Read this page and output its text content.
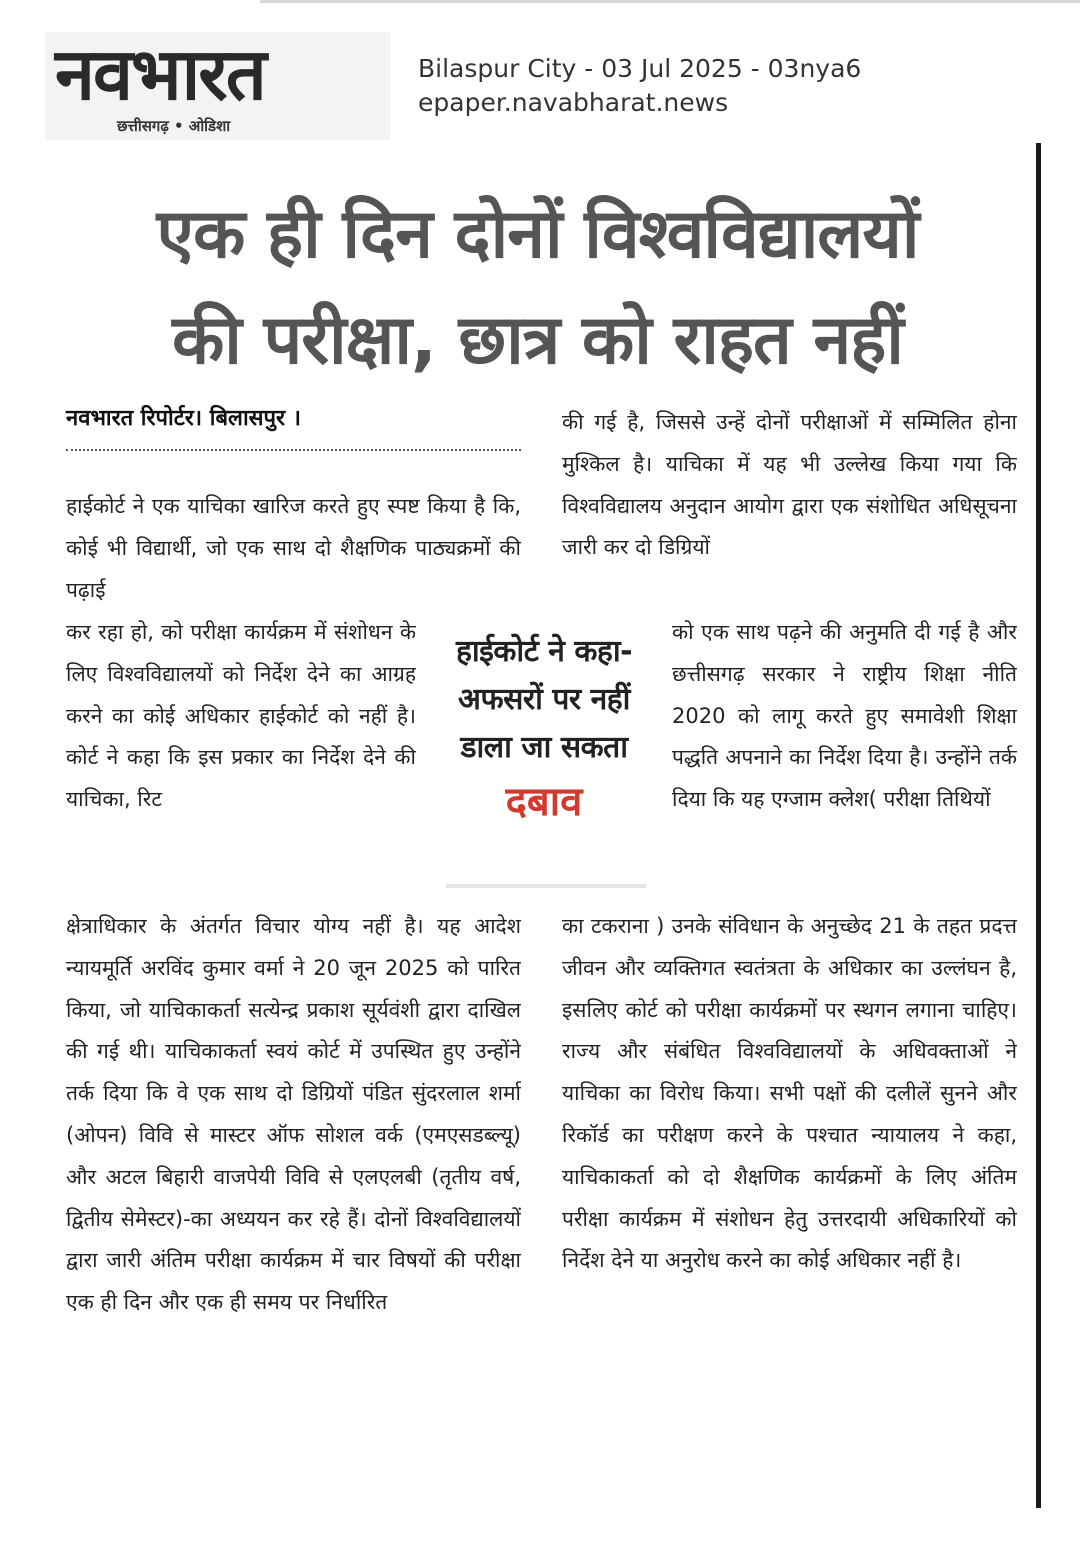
नवभारत
छत्तीसगढ़ • ओडिशा
Bilaspur City - 03 Jul 2025 - 03nya6
epaper.navabharat.news
एक ही दिन दोनों विश्वविद्यालयों
की परीक्षा, छात्र को राहत नहीं
नवभारत रिपोर्टर। बिलासपुर ।
हाईकोर्ट ने एक याचिका खारिज करते हुए स्पष्ट किया है कि, कोई भी विद्यार्थी, जो एक साथ दो शैक्षणिक पाठ्यक्रमों की पढ़ाई
कर रहा हो, को परीक्षा कार्यक्रम में संशोधन के लिए विश्वविद्यालयों को निर्देश देने का आग्रह करने का कोई अधिकार हाईकोर्ट को नहीं है। कोर्ट ने कहा कि इस प्रकार का निर्देश देने की याचिका, रिट
क्षेत्राधिकार के अंतर्गत विचार योग्य नहीं है। यह आदेश न्यायमूर्ति अरविंद कुमार वर्मा ने 20 जून 2025 को पारित किया, जो याचिकाकर्ता सत्येन्द्र प्रकाश सूर्यवंशी द्वारा दाखिल की गई थी। याचिकाकर्ता स्वयं कोर्ट में उपस्थित हुए उन्होंने तर्क दिया कि वे एक साथ दो डिग्रियों पंडित सुंदरलाल शर्मा (ओपन) विवि से मास्टर ऑफ सोशल वर्क (एमएसडब्ल्यू) और अटल बिहारी वाजपेयी विवि से एलएलबी (तृतीय वर्ष, द्वितीय सेमेस्टर)-का अध्ययन कर रहे हैं। दोनों विश्वविद्यालयों द्वारा जारी अंतिम परीक्षा कार्यक्रम में चार विषयों की परीक्षा एक ही दिन और एक ही समय पर निर्धारित
की गई है, जिससे उन्हें दोनों परीक्षाओं में सम्मिलित होना मुश्किल है। याचिका में यह भी उल्लेख किया गया कि विश्वविद्यालय अनुदान आयोग द्वारा एक संशोधित अधिसूचना जारी कर दो डिग्रियों
को एक साथ पढ़ने की अनुमति दी गई है और छत्तीसगढ़ सरकार ने राष्ट्रीय शिक्षा नीति 2020 को लागू करते हुए समावेशी शिक्षा पद्धति अपनाने का निर्देश दिया है। उन्होंने तर्क दिया कि यह एग्जाम क्लेश( परीक्षा तिथियों
का टकराना ) उनके संविधान के अनुच्छेद 21 के तहत प्रदत्त जीवन और व्यक्तिगत स्वतंत्रता के अधिकार का उल्लंघन है, इसलिए कोर्ट को परीक्षा कार्यक्रमों पर स्थगन लगाना चाहिए। राज्य और संबंधित विश्वविद्यालयों के अधिवक्ताओं ने याचिका का विरोध किया। सभी पक्षों की दलीलें सुनने और रिकॉर्ड का परीक्षण करने के पश्चात न्यायालय ने कहा, याचिकाकर्ता को दो शैक्षणिक कार्यक्रमों के लिए अंतिम परीक्षा कार्यक्रम में संशोधन हेतु उत्तरदायी अधिकारियों को निर्देश देने या अनुरोध करने का कोई अधिकार नहीं है।
हाईकोर्ट ने कहा- अफसरों पर नहीं डाला जा सकता
दबाव
